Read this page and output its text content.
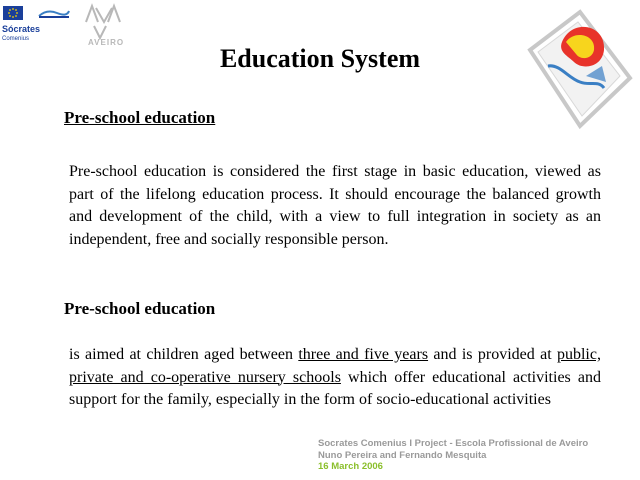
Sócrates
Comenius	AVEIRO
Education System
Pre-school education
Pre-school education is considered the first stage in basic education, viewed as part of the lifelong education process. It should encourage the balanced growth and development of the child, with a view to full integration in society as an independent, free and socially responsible person.
Pre-school education
is aimed at children aged between three and five years and is provided at public, private and co-operative nursery schools which offer educational activities and support for the family, especially in the form of socio-educational activities
Socrates Comenius I Project - Escola Profissional de Aveiro
Nuno Pereira and Fernando Mesquita
16 March 2006
